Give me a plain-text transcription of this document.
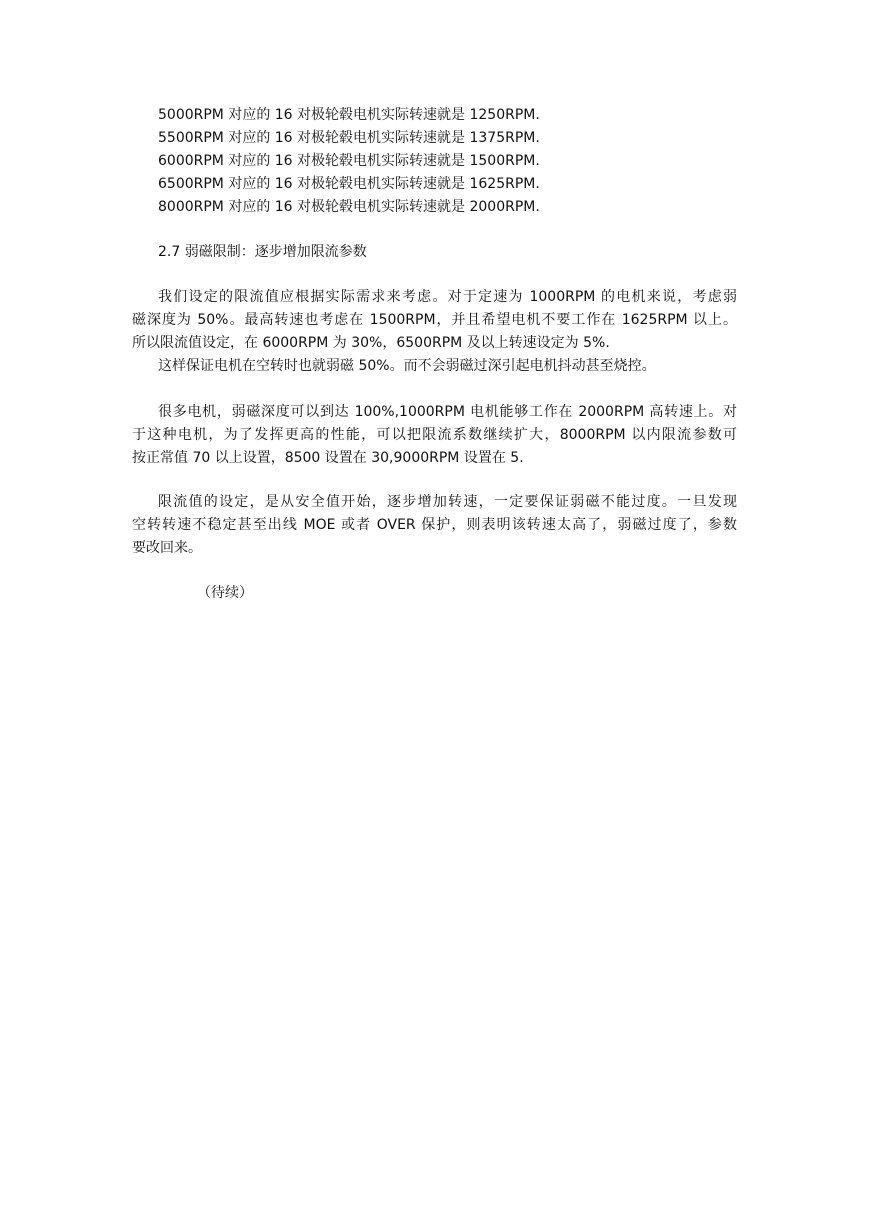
5000RPM 对应的 16 对极轮毂电机实际转速就是 1250RPM.
5500RPM 对应的 16 对极轮毂电机实际转速就是 1375RPM.
6000RPM 对应的 16 对极轮毂电机实际转速就是 1500RPM.
6500RPM 对应的 16 对极轮毂电机实际转速就是 1625RPM.
8000RPM 对应的 16 对极轮毂电机实际转速就是 2000RPM.
2.7 弱磁限制：逐步增加限流参数
我们设定的限流值应根据实际需求来考虑。对于定速为 1000RPM 的电机来说，考虑弱
磁深度为 50%。最高转速也考虑在 1500RPM，并且希望电机不要工作在 1625RPM 以上。
所以限流值设定，在 6000RPM 为 30%，6500RPM 及以上转速设定为 5%.
这样保证电机在空转时也就弱磁 50%。而不会弱磁过深引起电机抖动甚至烧控。
很多电机，弱磁深度可以到达 100%,1000RPM 电机能够工作在 2000RPM 高转速上。对
于这种电机，为了发挥更高的性能，可以把限流系数继续扩大，8000RPM 以内限流参数可
按正常值 70 以上设置，8500 设置在 30,9000RPM 设置在 5.
限流值的设定，是从安全值开始，逐步增加转速，一定要保证弱磁不能过度。一旦发现
空转转速不稳定甚至出线 MOE 或者 OVER 保护，则表明该转速太高了，弱磁过度了，参数
要改回来。
（待续）
